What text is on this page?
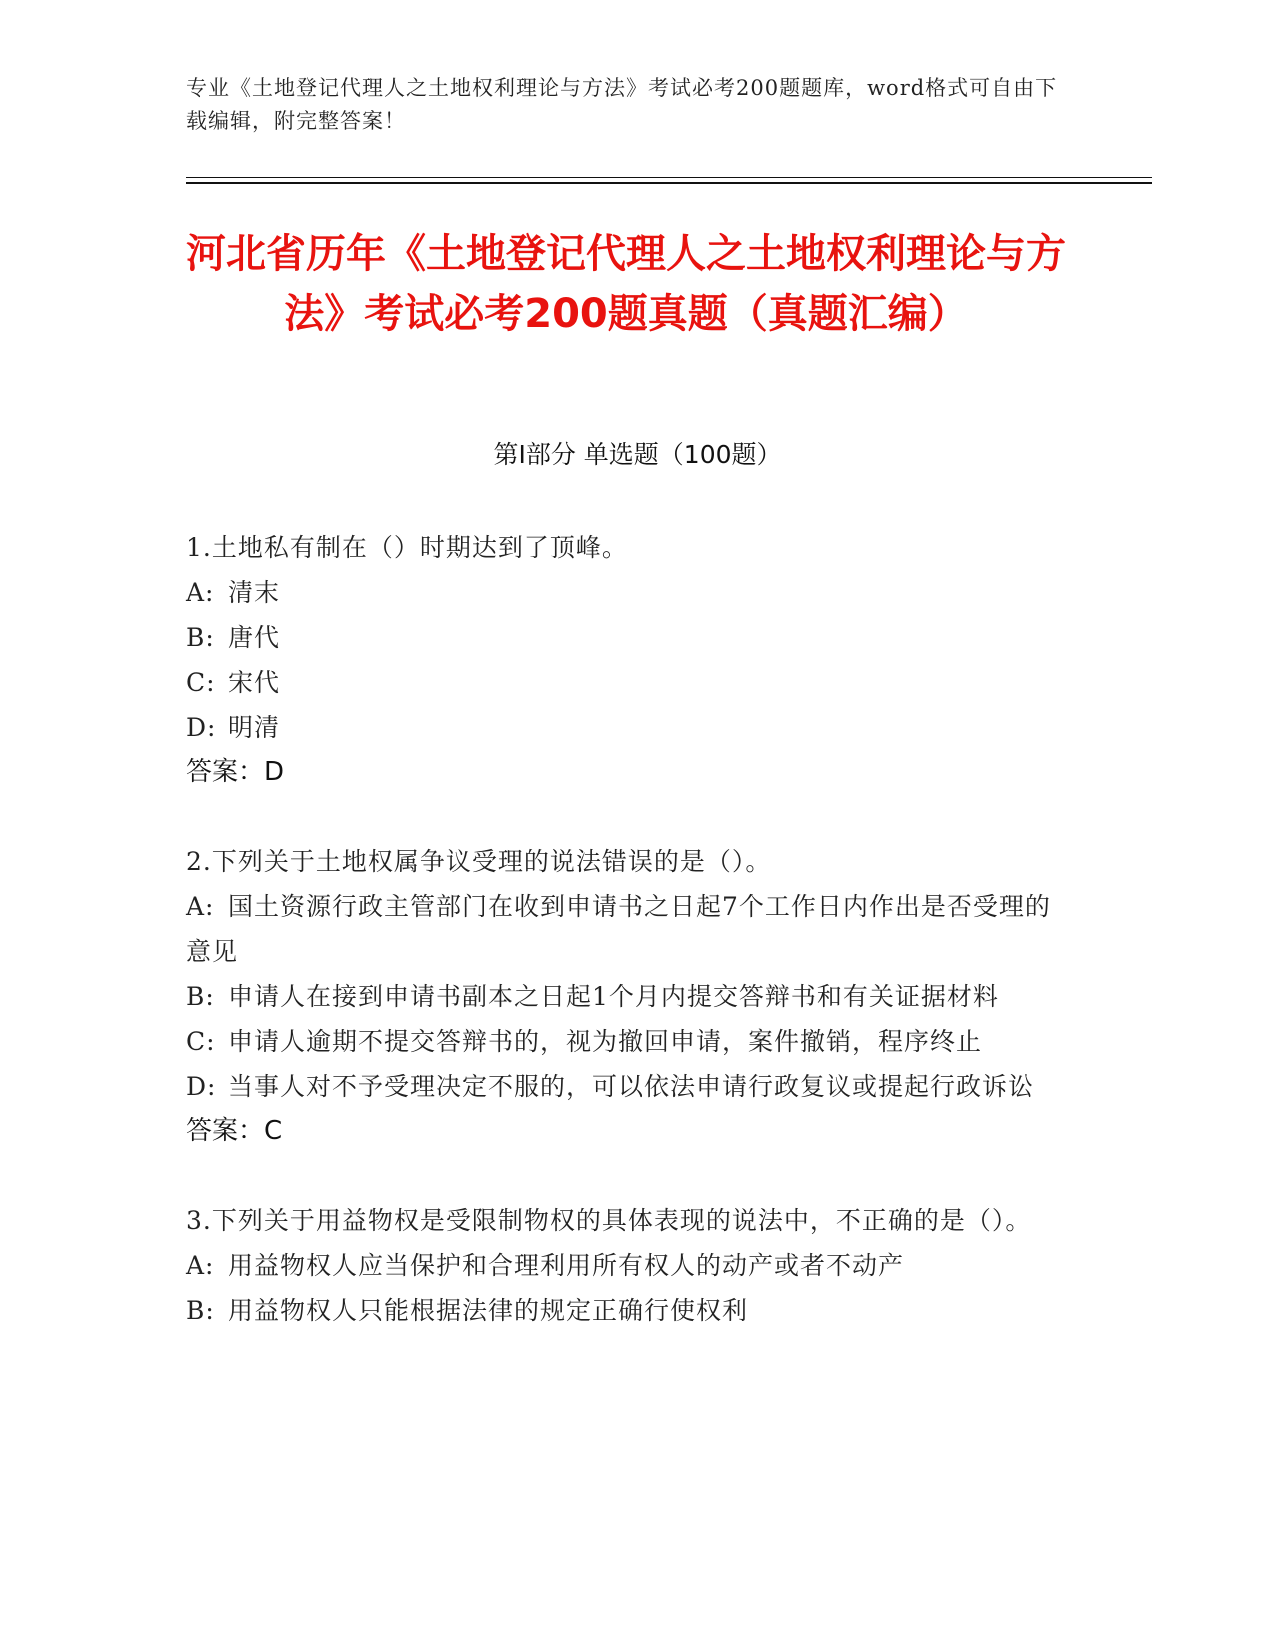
专业《土地登记代理人之土地权利理论与方法》考试必考200题题库，word格式可自由下载编辑，附完整答案！
河北省历年《土地登记代理人之土地权利理论与方法》考试必考200题真题（真题汇编）
第Ⅰ部分 单选题（100题）

1.土地私有制在（）时期达到了顶峰。

A: 清末

B: 唐代

C: 宋代

D: 明清

答案：D

2.下列关于土地权属争议受理的说法错误的是（）。

A: 国土资源行政主管部门在收到申请书之日起7个工作日内作出是否受理的意见

B: 申请人在接到申请书副本之日起1个月内提交答辩书和有关证据材料

C: 申请人逾期不提交答辩书的，视为撤回申请，案件撤销，程序终止

D: 当事人对不予受理决定不服的，可以依法申请行政复议或提起行政诉讼

答案：C

3.下列关于用益物权是受限制物权的具体表现的说法中，不正确的是（）。

A: 用益物权人应当保护和合理利用所有权人的动产或者不动产

B: 用益物权人只能根据法律的规定正确行使权利
